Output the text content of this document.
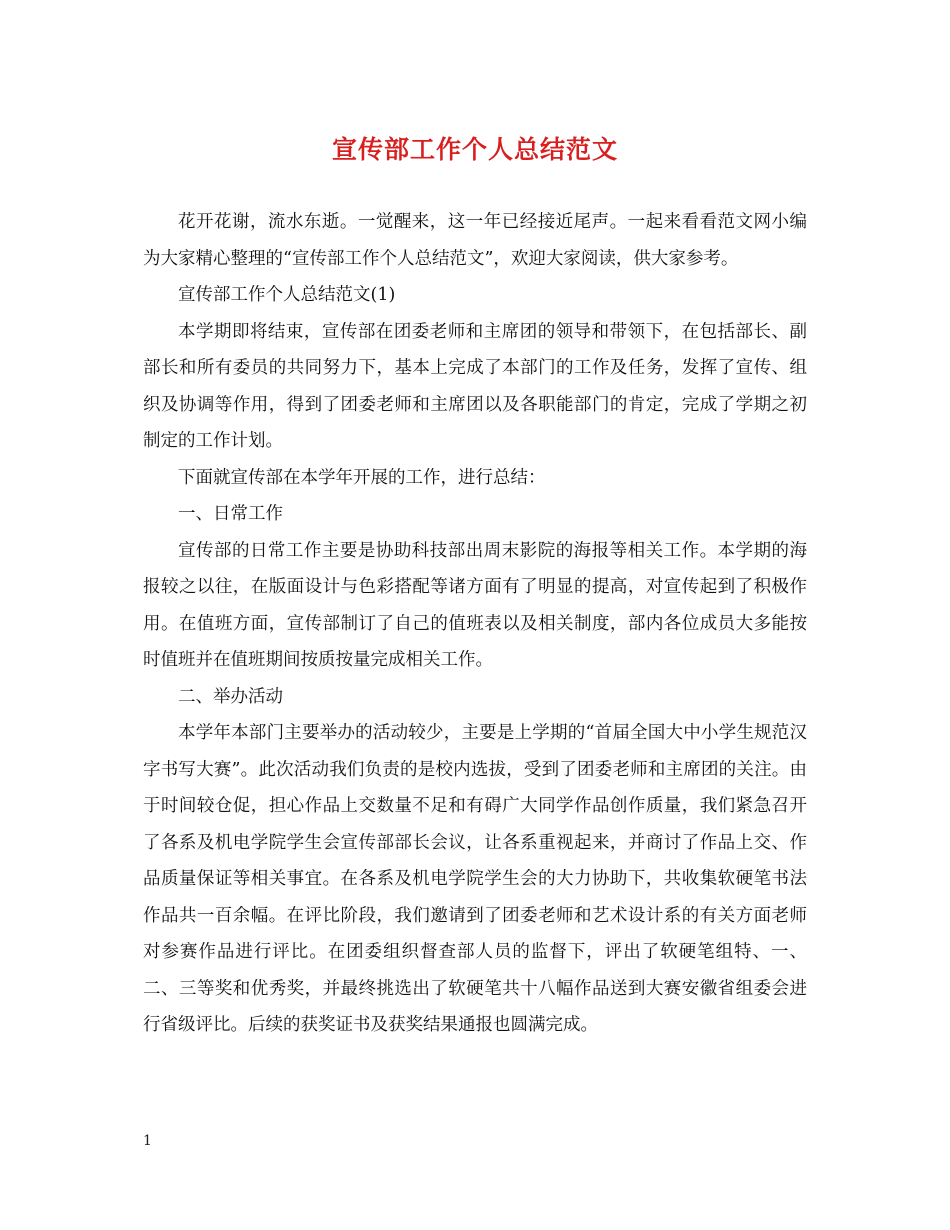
宣传部工作个人总结范文

花开花谢，流水东逝。一觉醒来，这一年已经接近尾声。一起来看看范文网小编为大家精心整理的“宣传部工作个人总结范文”，欢迎大家阅读，供大家参考。

宣传部工作个人总结范文(1)

本学期即将结束，宣传部在团委老师和主席团的领导和带领下，在包括部长、副部长和所有委员的共同努力下，基本上完成了本部门的工作及任务，发挥了宣传、组织及协调等作用，得到了团委老师和主席团以及各职能部门的肯定，完成了学期之初制定的工作计划。

下面就宣传部在本学年开展的工作，进行总结：

一、日常工作

宣传部的日常工作主要是协助科技部出周末影院的海报等相关工作。本学期的海报较之以往，在版面设计与色彩搭配等诸方面有了明显的提高，对宣传起到了积极作用。在值班方面，宣传部制订了自己的值班表以及相关制度，部内各位成员大多能按时值班并在值班期间按质按量完成相关工作。

二、举办活动

本学年本部门主要举办的活动较少，主要是上学期的“首届全国大中小学生规范汉字书写大赛”。此次活动我们负责的是校内选拔，受到了团委老师和主席团的关注。由于时间较仓促，担心作品上交数量不足和有碍广大同学作品创作质量，我们紧急召开了各系及机电学院学生会宣传部部长会议，让各系重视起来，并商讨了作品上交、作品质量保证等相关事宜。在各系及机电学院学生会的大力协助下，共收集软硬笔书法作品共一百余幅。在评比阶段，我们邀请到了团委老师和艺术设计系的有关方面老师对参赛作品进行评比。在团委组织督查部人员的监督下，评出了软硬笔组特、一、二、三等奖和优秀奖，并最终挑选出了软硬笔共十八幅作品送到大赛安徽省组委会进行省级评比。后续的获奖证书及获奖结果通报也圆满完成。

1
